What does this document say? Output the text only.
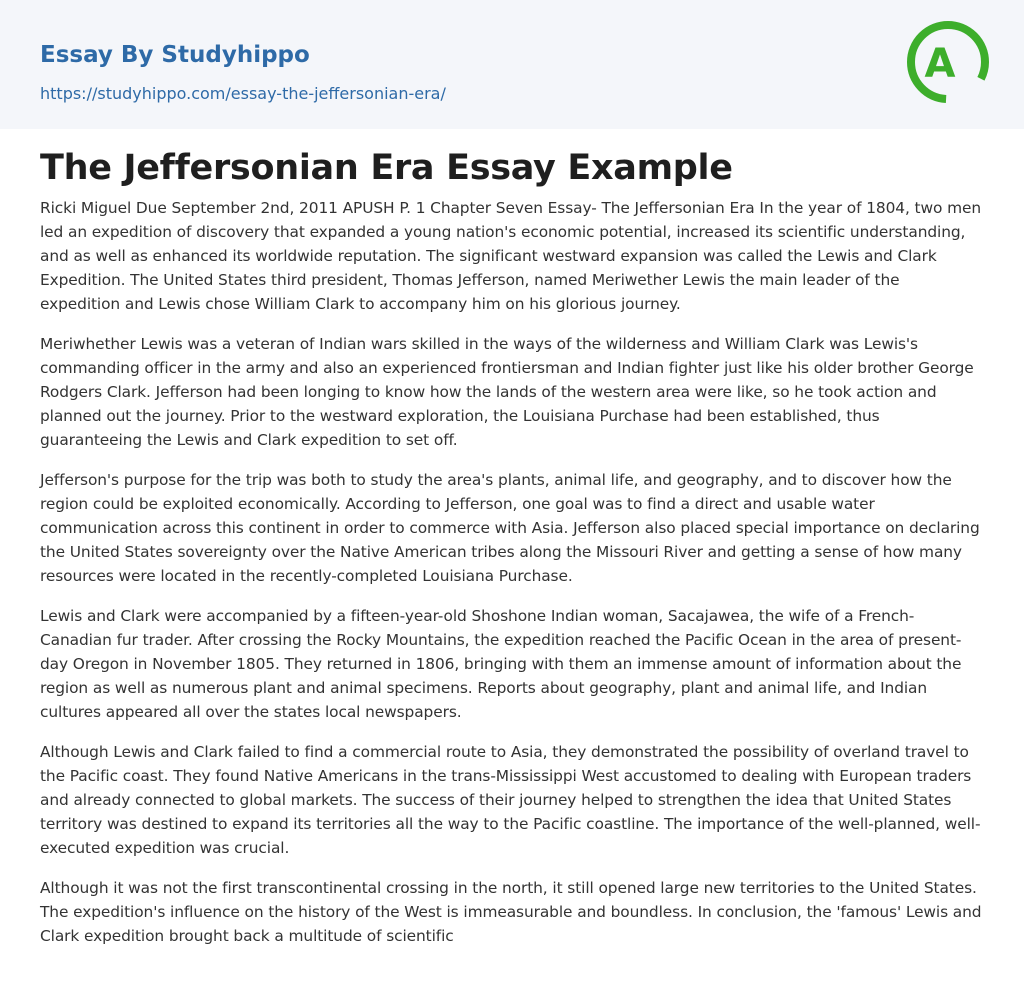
Essay By Studyhippo
https://studyhippo.com/essay-the-jeffersonian-era/
A
The Jeffersonian Era Essay Example

Ricki Miguel Due September 2nd, 2011 APUSH P. 1 Chapter Seven Essay- The Jeffersonian Era In the year of 1804, two men led an expedition of discovery that expanded a young nation's economic potential, increased its scientific understanding, and as well as enhanced its worldwide reputation. The significant westward expansion was called the Lewis and Clark Expedition. The United States third president, Thomas Jefferson, named Meriwether Lewis the main leader of the expedition and Lewis chose William Clark to accompany him on his glorious journey.

Meriwhether Lewis was a veteran of Indian wars skilled in the ways of the wilderness and William Clark was Lewis's commanding officer in the army and also an experienced frontiersman and Indian fighter just like his older brother George Rodgers Clark. Jefferson had been longing to know how the lands of the western area were like, so he took action and planned out the journey. Prior to the westward exploration, the Louisiana Purchase had been established, thus guaranteeing the Lewis and Clark expedition to set off.

Jefferson's purpose for the trip was both to study the area's plants, animal life, and geography, and to discover how the region could be exploited economically. According to Jefferson, one goal was to find a direct and usable water communication across this continent in order to commerce with Asia. Jefferson also placed special importance on declaring the United States sovereignty over the Native American tribes along the Missouri River and getting a sense of how many resources were located in the recently-completed Louisiana Purchase.

Lewis and Clark were accompanied by a fifteen-year-old Shoshone Indian woman, Sacajawea, the wife of a French-Canadian fur trader. After crossing the Rocky Mountains, the expedition reached the Pacific Ocean in the area of present-day Oregon in November 1805. They returned in 1806, bringing with them an immense amount of information about the region as well as numerous plant and animal specimens. Reports about geography, plant and animal life, and Indian cultures appeared all over the states local newspapers.

Although Lewis and Clark failed to find a commercial route to Asia, they demonstrated the possibility of overland travel to the Pacific coast. They found Native Americans in the trans-Mississippi West accustomed to dealing with European traders and already connected to global markets. The success of their journey helped to strengthen the idea that United States territory was destined to expand its territories all the way to the Pacific coastline. The importance of the well-planned, well-executed expedition was crucial.

Although it was not the first transcontinental crossing in the north, it still opened large new territories to the United States. The expedition's influence on the history of the West is immeasurable and boundless. In conclusion, the 'famous' Lewis and Clark expedition brought back a multitude of scientific
